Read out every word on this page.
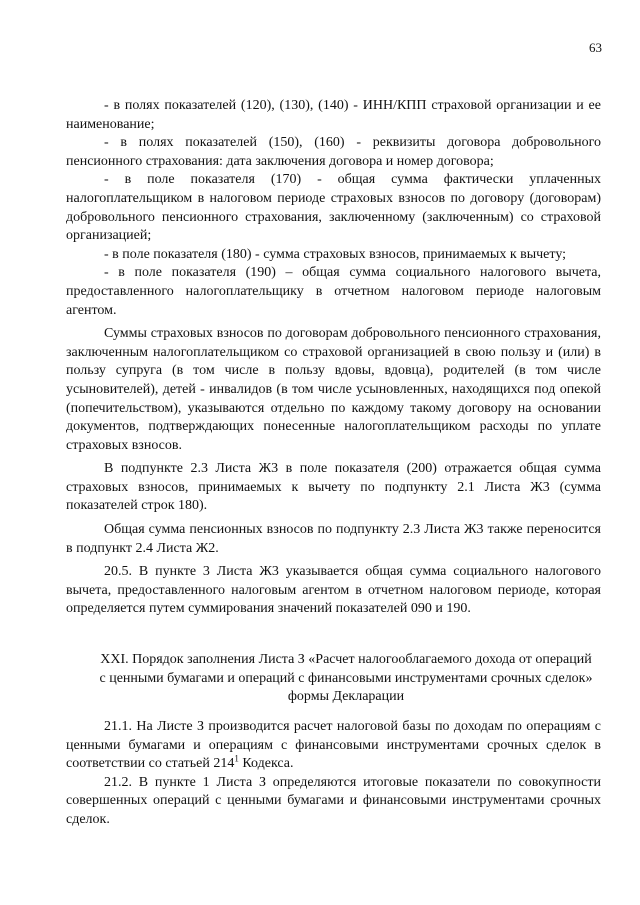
63

- в полях показателей (120), (130), (140) - ИНН/КПП страховой организации и ее наименование;

- в полях показателей (150), (160) - реквизиты договора добровольного пенсионного страхования: дата заключения договора и номер договора;

- в поле показателя (170) - общая сумма фактически уплаченных налогоплательщиком в налоговом периоде страховых взносов по договору (договорам) добровольного пенсионного страхования, заключенному (заключенным) со страховой организацией;

- в поле показателя (180) - сумма страховых взносов, принимаемых к вычету;

- в поле показателя (190) – общая сумма социального налогового вычета, предоставленного налогоплательщику в отчетном налоговом периоде налоговым агентом.

Суммы страховых взносов по договорам добровольного пенсионного страхования, заключенным налогоплательщиком со страховой организацией в свою пользу и (или) в пользу супруга (в том числе в пользу вдовы, вдовца), родителей (в том числе усыновителей), детей - инвалидов (в том числе усыновленных, находящихся под опекой (попечительством), указываются отдельно по каждому такому договору на основании документов, подтверждающих понесенные налогоплательщиком расходы по уплате страховых взносов.

В подпункте 2.3 Листа Ж3 в поле показателя (200) отражается общая сумма страховых взносов, принимаемых к вычету по подпункту 2.1 Листа Ж3 (сумма показателей строк 180).

Общая сумма пенсионных взносов по подпункту 2.3 Листа Ж3 также переносится в подпункт 2.4 Листа Ж2.

20.5. В пункте 3 Листа Ж3 указывается общая сумма социального налогового вычета, предоставленного налоговым агентом в отчетном налоговом периоде, которая определяется путем суммирования значений показателей 090 и 190.

XXI. Порядок заполнения Листа З «Расчет налогооблагаемого дохода от операций с ценными бумагами и операций с финансовыми инструментами срочных сделок» формы Декларации

21.1. На Листе З производится расчет налоговой базы по доходам по операциям с ценными бумагами и операциям с финансовыми инструментами срочных сделок в соответствии со статьей $214^1$ Кодекса.

21.2. В пункте 1 Листа З определяются итоговые показатели по совокупности совершенных операций с ценными бумагами и финансовыми инструментами срочных сделок.
